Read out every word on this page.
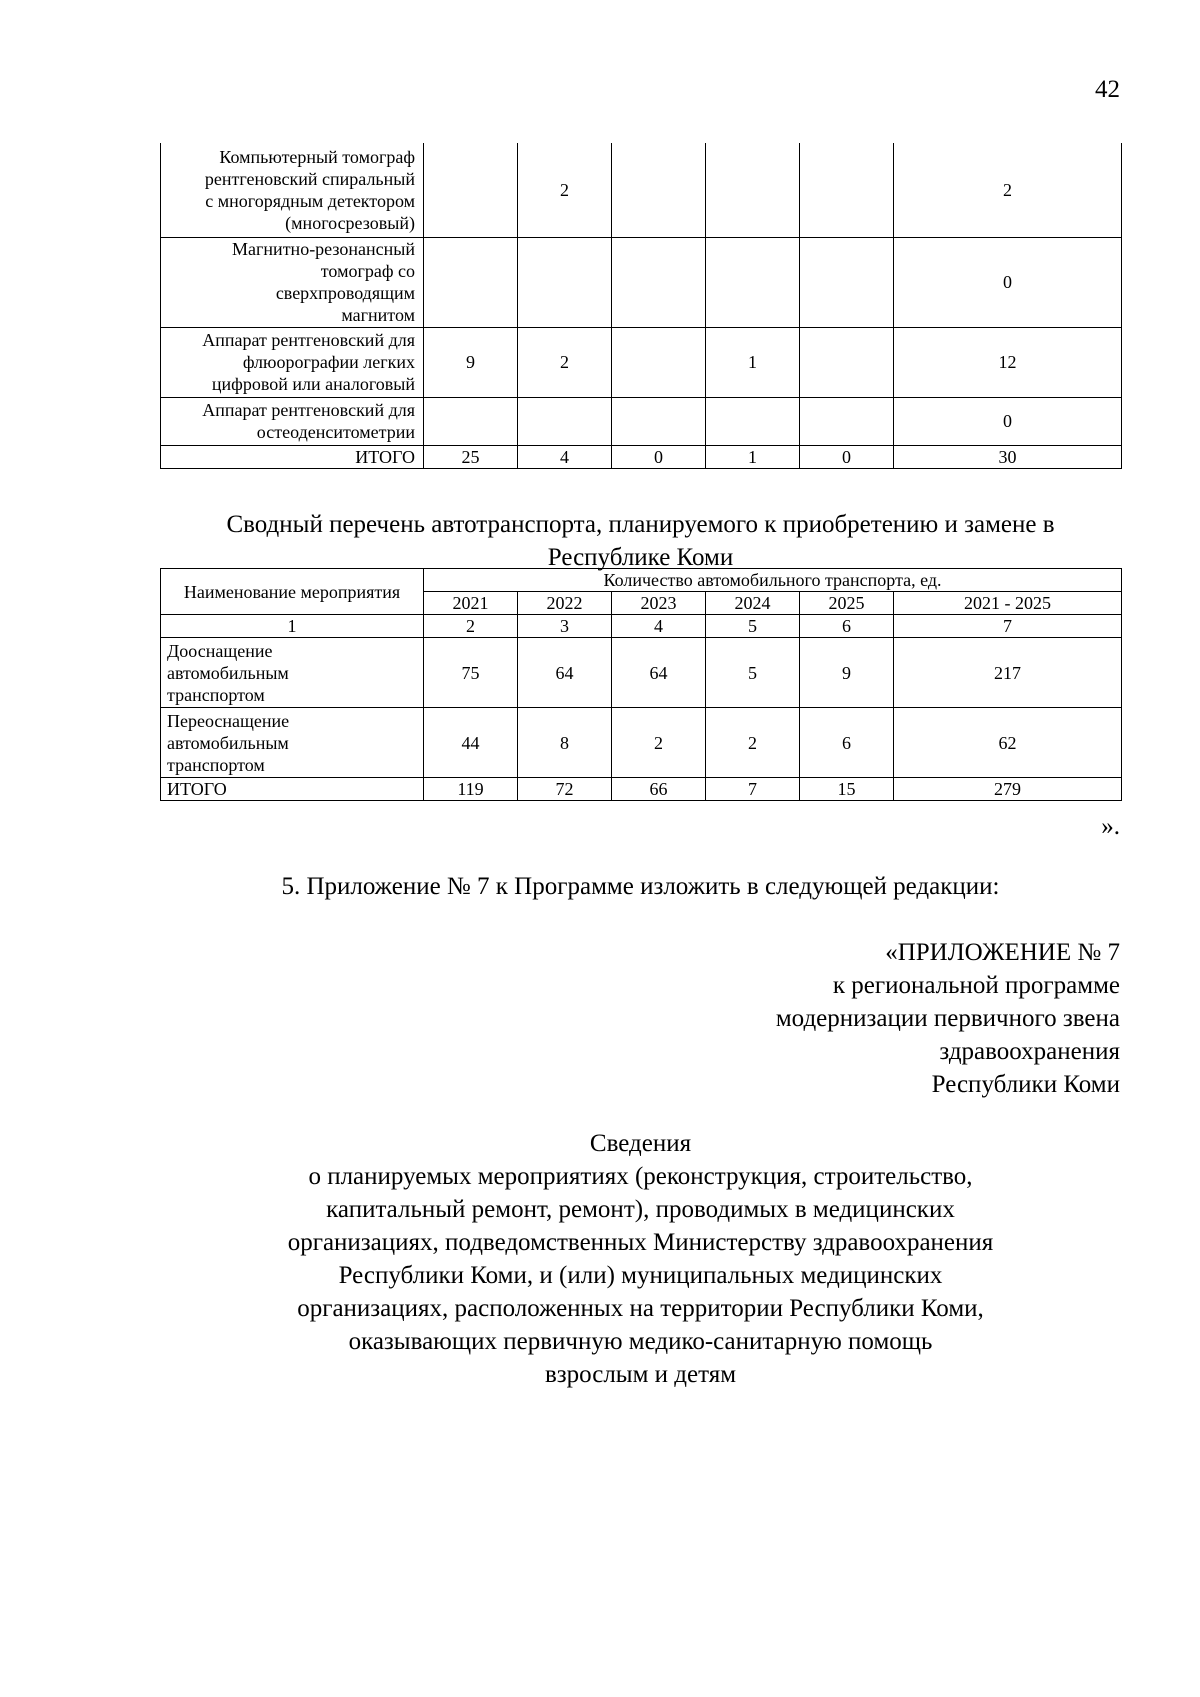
42
Компьютерный томограф
рентгеновский спиральный
с многорядным детектором
(многосрезовый)		2				2

Магнитно-резонансный
томограф со
сверхпроводящим
магнитом						0

Аппарат рентгеновский для
флюорографии легких
цифровой или аналоговый	9	2		1		12

Аппарат рентгеновский для
остеоденситометрии						0
ИТОГО	25	4	0	1	0	30
Сводный перечень автотранспорта, планируемого к приобретению и замене в
Республике Коми
Наименование мероприятия	Количество автомобильного транспорта, ед.					
	2021	2022	2023	2024	2025	2021 - 2025
1	2	3	4	5	6	7

Дооснащение
автомобильным
транспортом	75	64	64	5	9	217

Переоснащение
автомобильным
транспортом	44	8	2	2	6	62
ИТОГО	119	72	66	7	15	279
».
5. Приложение № 7 к Программе изложить в следующей редакции:
«ПРИЛОЖЕНИЕ № 7
к региональной программе
модернизации первичного звена
здравоохранения
Республики Коми
Сведения
о планируемых мероприятиях (реконструкция, строительство,
капитальный ремонт, ремонт), проводимых в медицинских
организациях, подведомственных Министерству здравоохранения
Республики Коми, и (или) муниципальных медицинских
организациях, расположенных на территории Республики Коми,
оказывающих первичную медико-санитарную помощь
взрослым и детям
